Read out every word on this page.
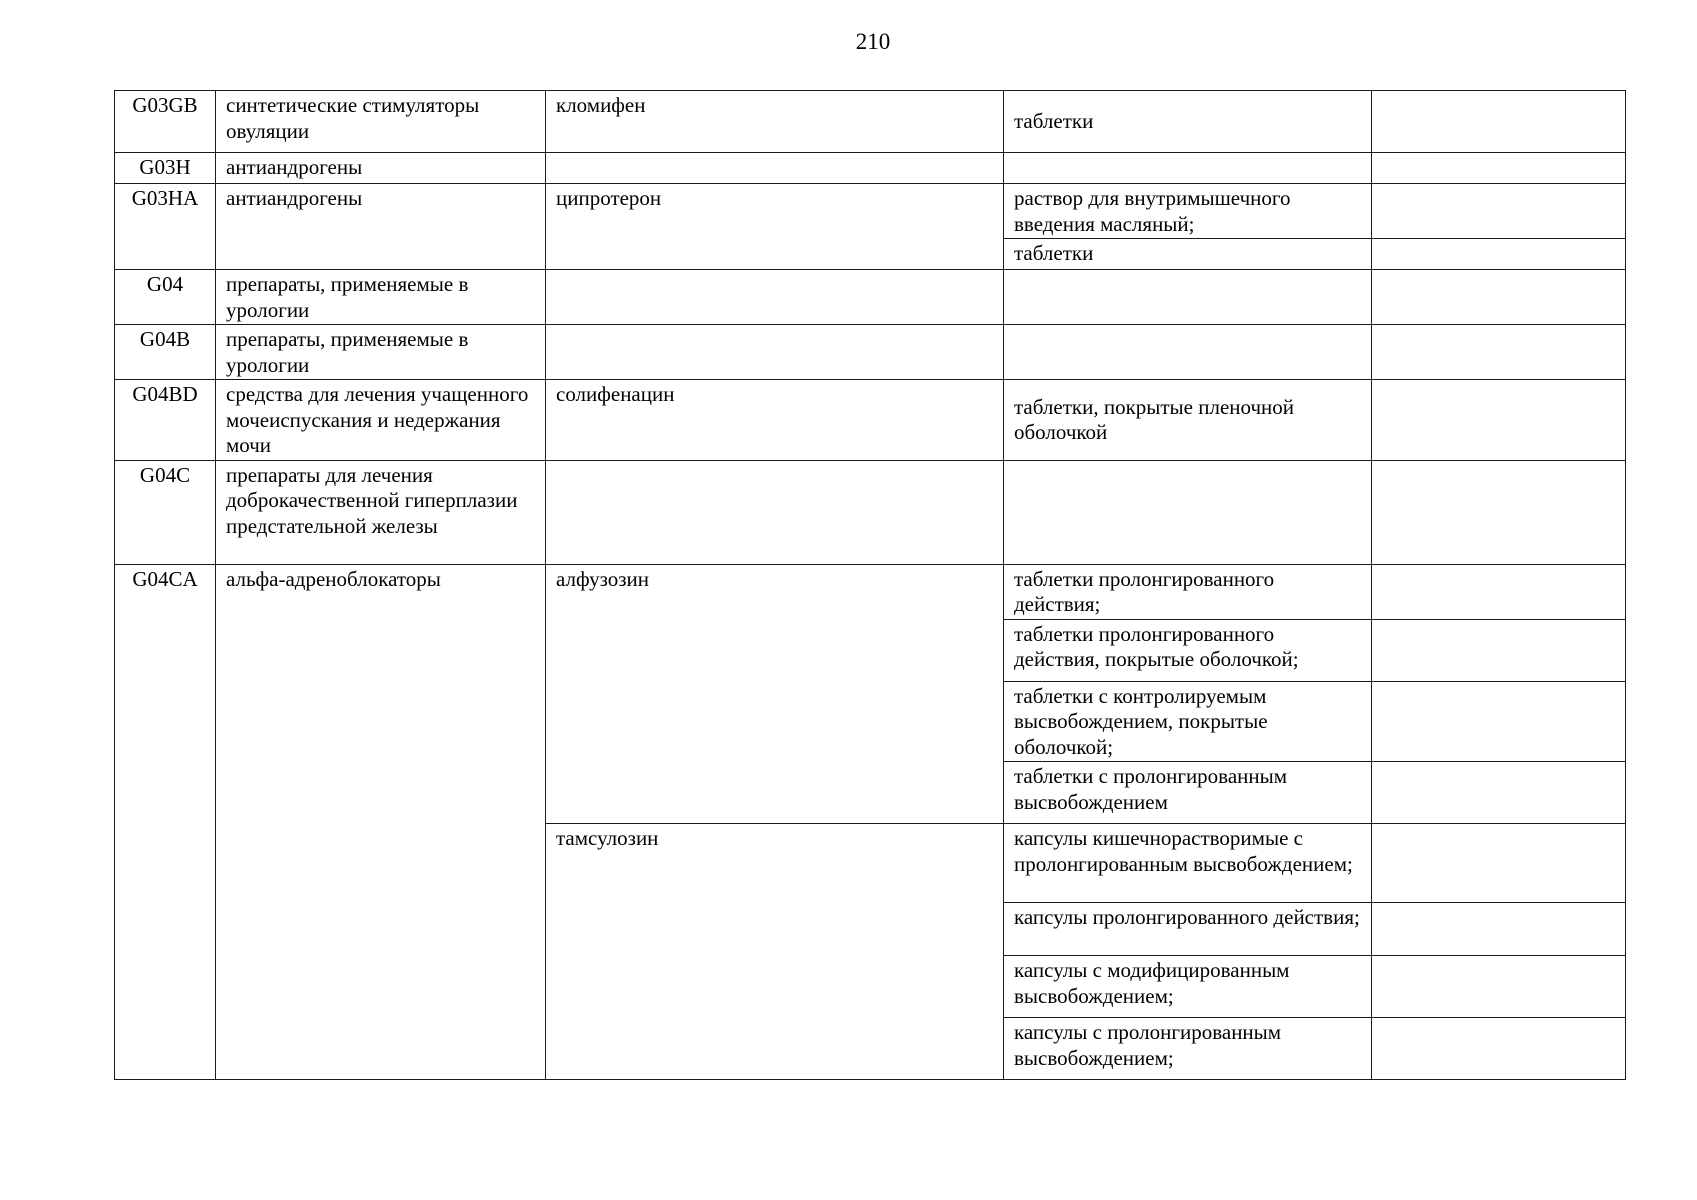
210
G03GB	синтетические стимуляторы овуляции	кломифен	таблетки	
G03H	антиандрогены			
G03HA	антиандрогены	ципротерон	раствор для внутримышечного введения масляный;	
			таблетки	
G04	препараты, применяемые в урологии			
G04B	препараты, применяемые в урологии			
G04BD	средства для лечения учащенного мочеиспускания и недержания мочи	солифенацин	таблетки, покрытые пленочной оболочкой	
G04C	препараты для лечения доброкачественной гиперплазии предстательной железы			
G04CA	альфа-адреноблокаторы	алфузозин	таблетки пролонгированного действия;	
			таблетки пролонгированного действия, покрытые оболочкой;	
			таблетки с контролируемым высвобождением, покрытые оболочкой;	
			таблетки с пролонгированным высвобождением	
		тамсулозин	капсулы кишечнорастворимые с пролонгированным высвобождением;	
			капсулы пролонгированного действия;	
			капсулы с модифицированным высвобождением;	
			капсулы с пролонгированным высвобождением;	
